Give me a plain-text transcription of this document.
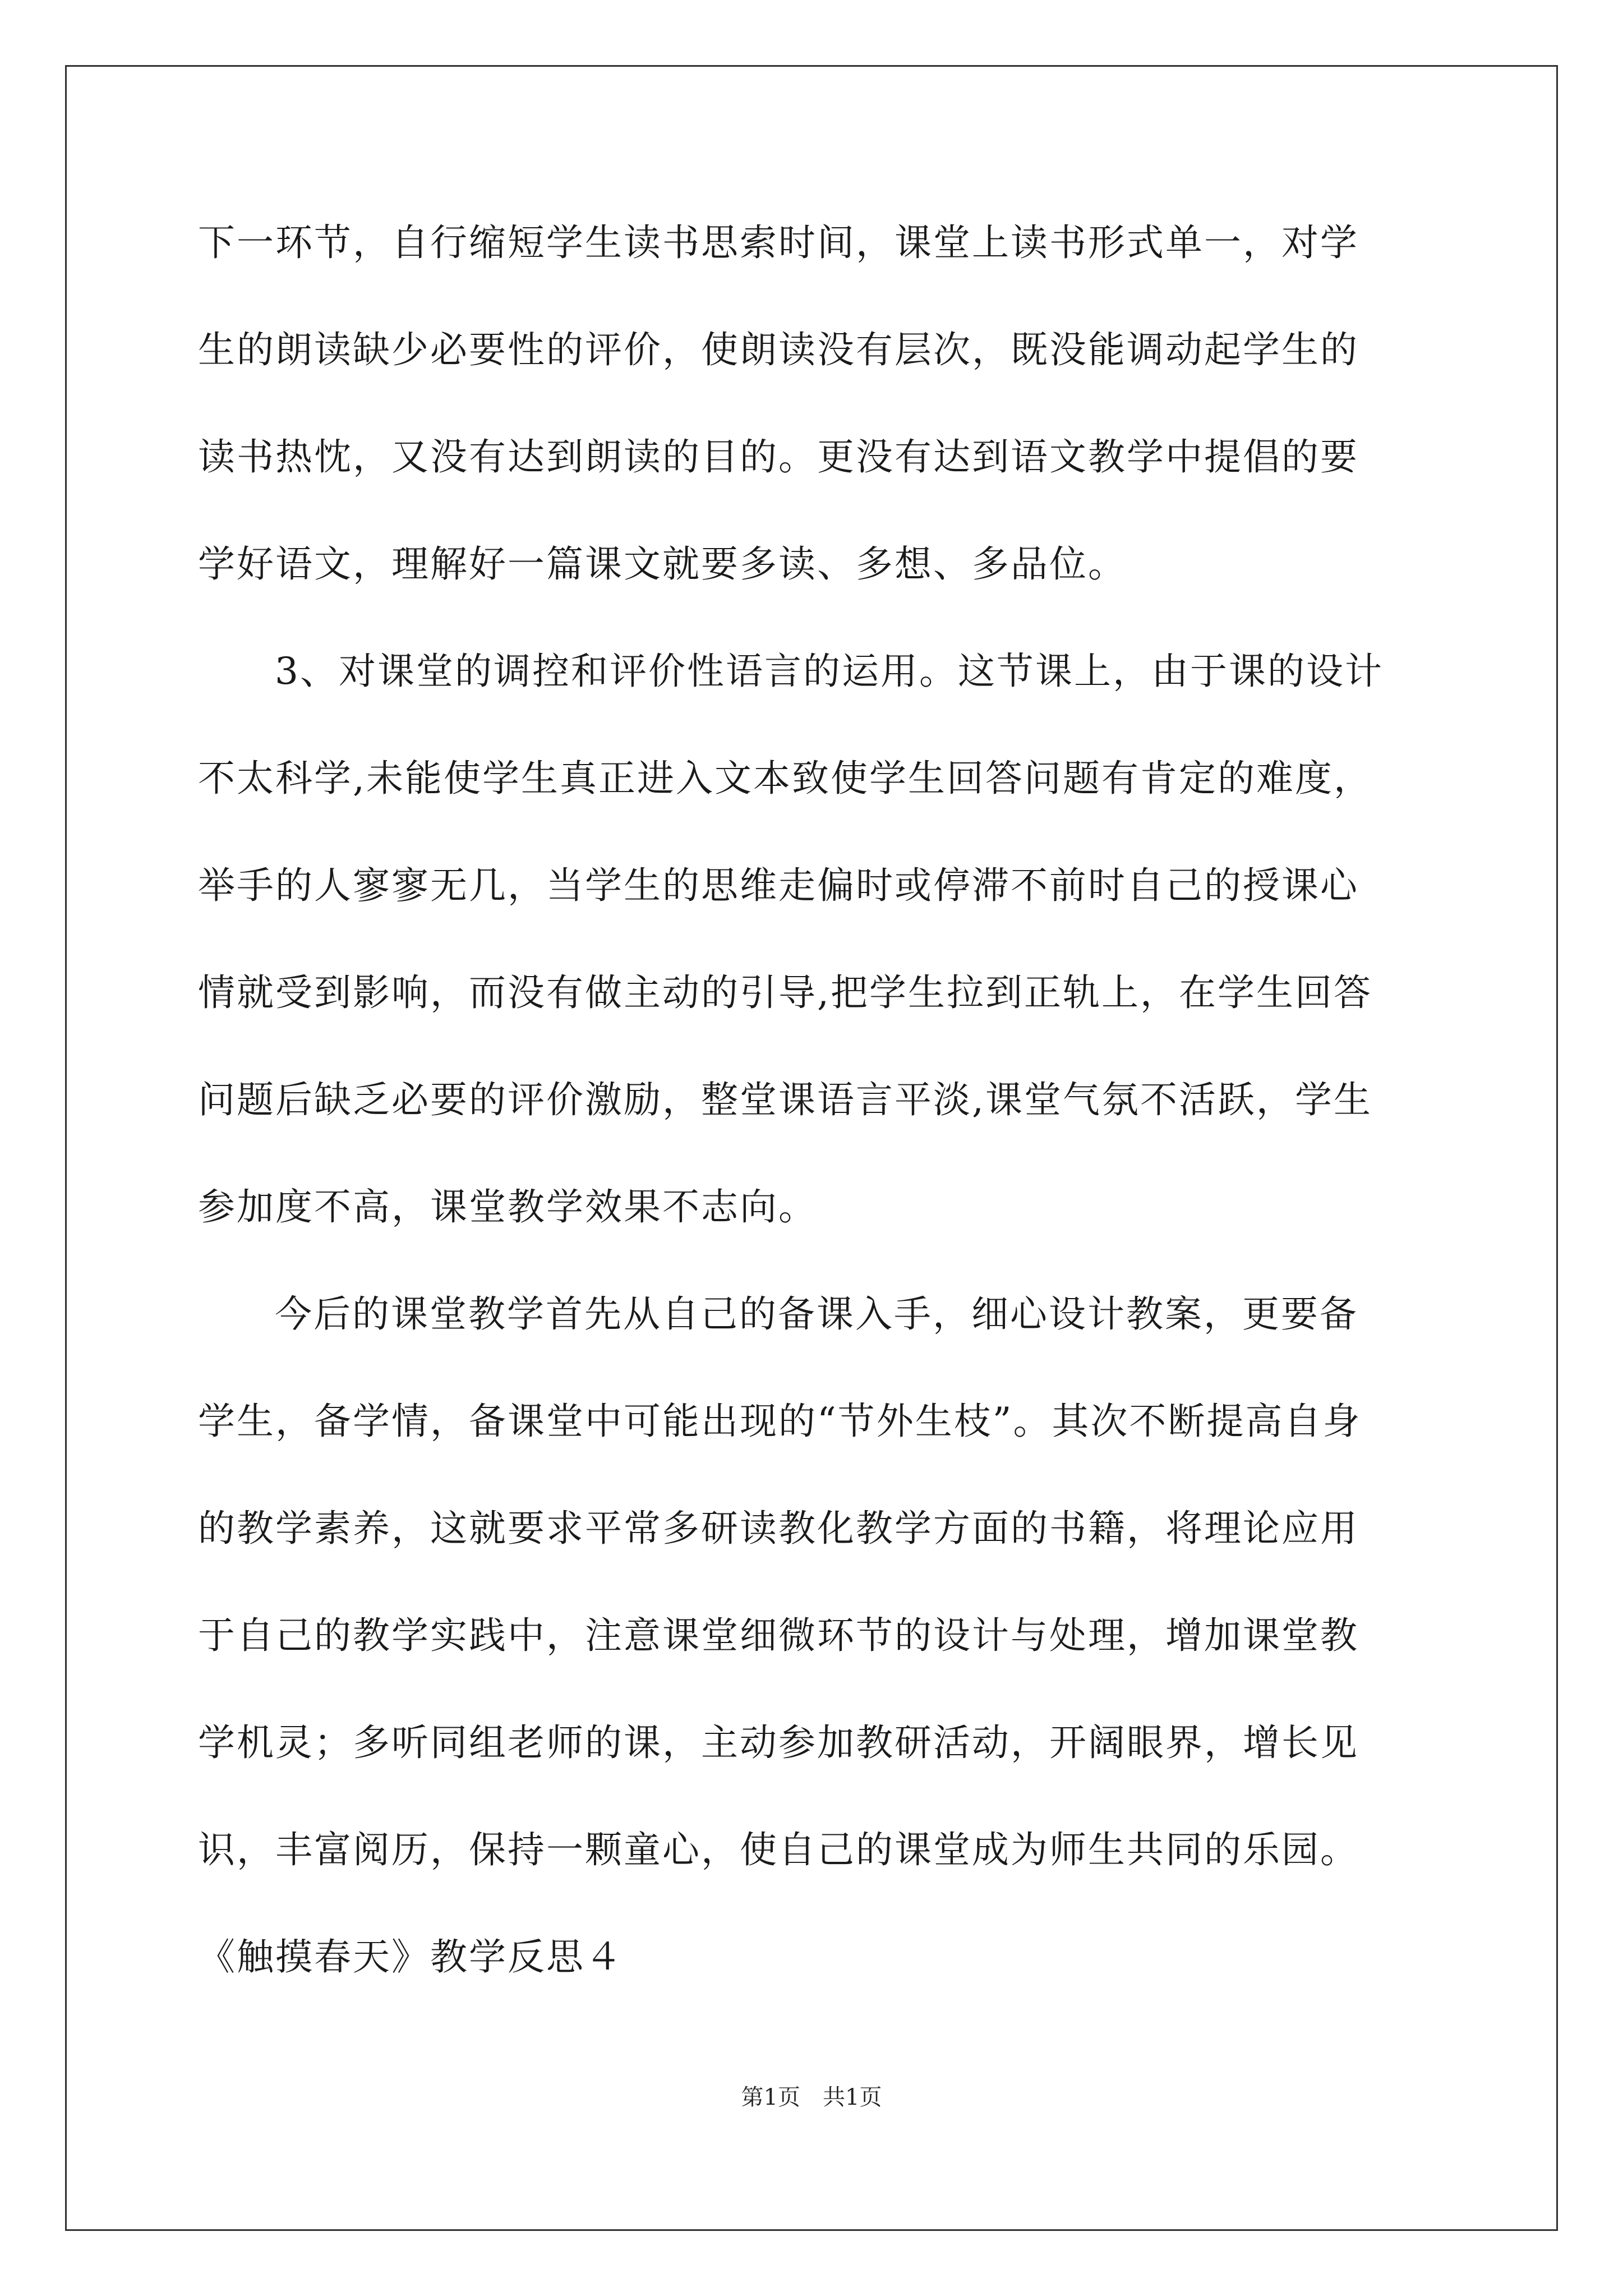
下一环节，自行缩短学生读书思索时间，课堂上读书形式单一，对学
生的朗读缺少必要性的评价，使朗读没有层次，既没能调动起学生的
读书热忱，又没有达到朗读的目的。更没有达到语文教学中提倡的要
学好语文，理解好一篇课文就要多读、多想、多品位。
3、对课堂的调控和评价性语言的运用。这节课上，由于课的设计
不太科学,未能使学生真正进入文本致使学生回答问题有肯定的难度，
举手的人寥寥无几，当学生的思维走偏时或停滞不前时自己的授课心
情就受到影响，而没有做主动的引导,把学生拉到正轨上，在学生回答
问题后缺乏必要的评价激励，整堂课语言平淡,课堂气氛不活跃，学生
参加度不高，课堂教学效果不志向。
今后的课堂教学首先从自己的备课入手，细心设计教案，更要备
学生，备学情，备课堂中可能出现的“节外生枝”。其次不断提高自身
的教学素养，这就要求平常多研读教化教学方面的书籍，将理论应用
于自己的教学实践中，注意课堂细微环节的设计与处理，增加课堂教
学机灵；多听同组老师的课，主动参加教研活动，开阔眼界，增长见
识，丰富阅历，保持一颗童心，使自己的课堂成为师生共同的乐园。
《触摸春天》教学反思４
第1页　共1页
